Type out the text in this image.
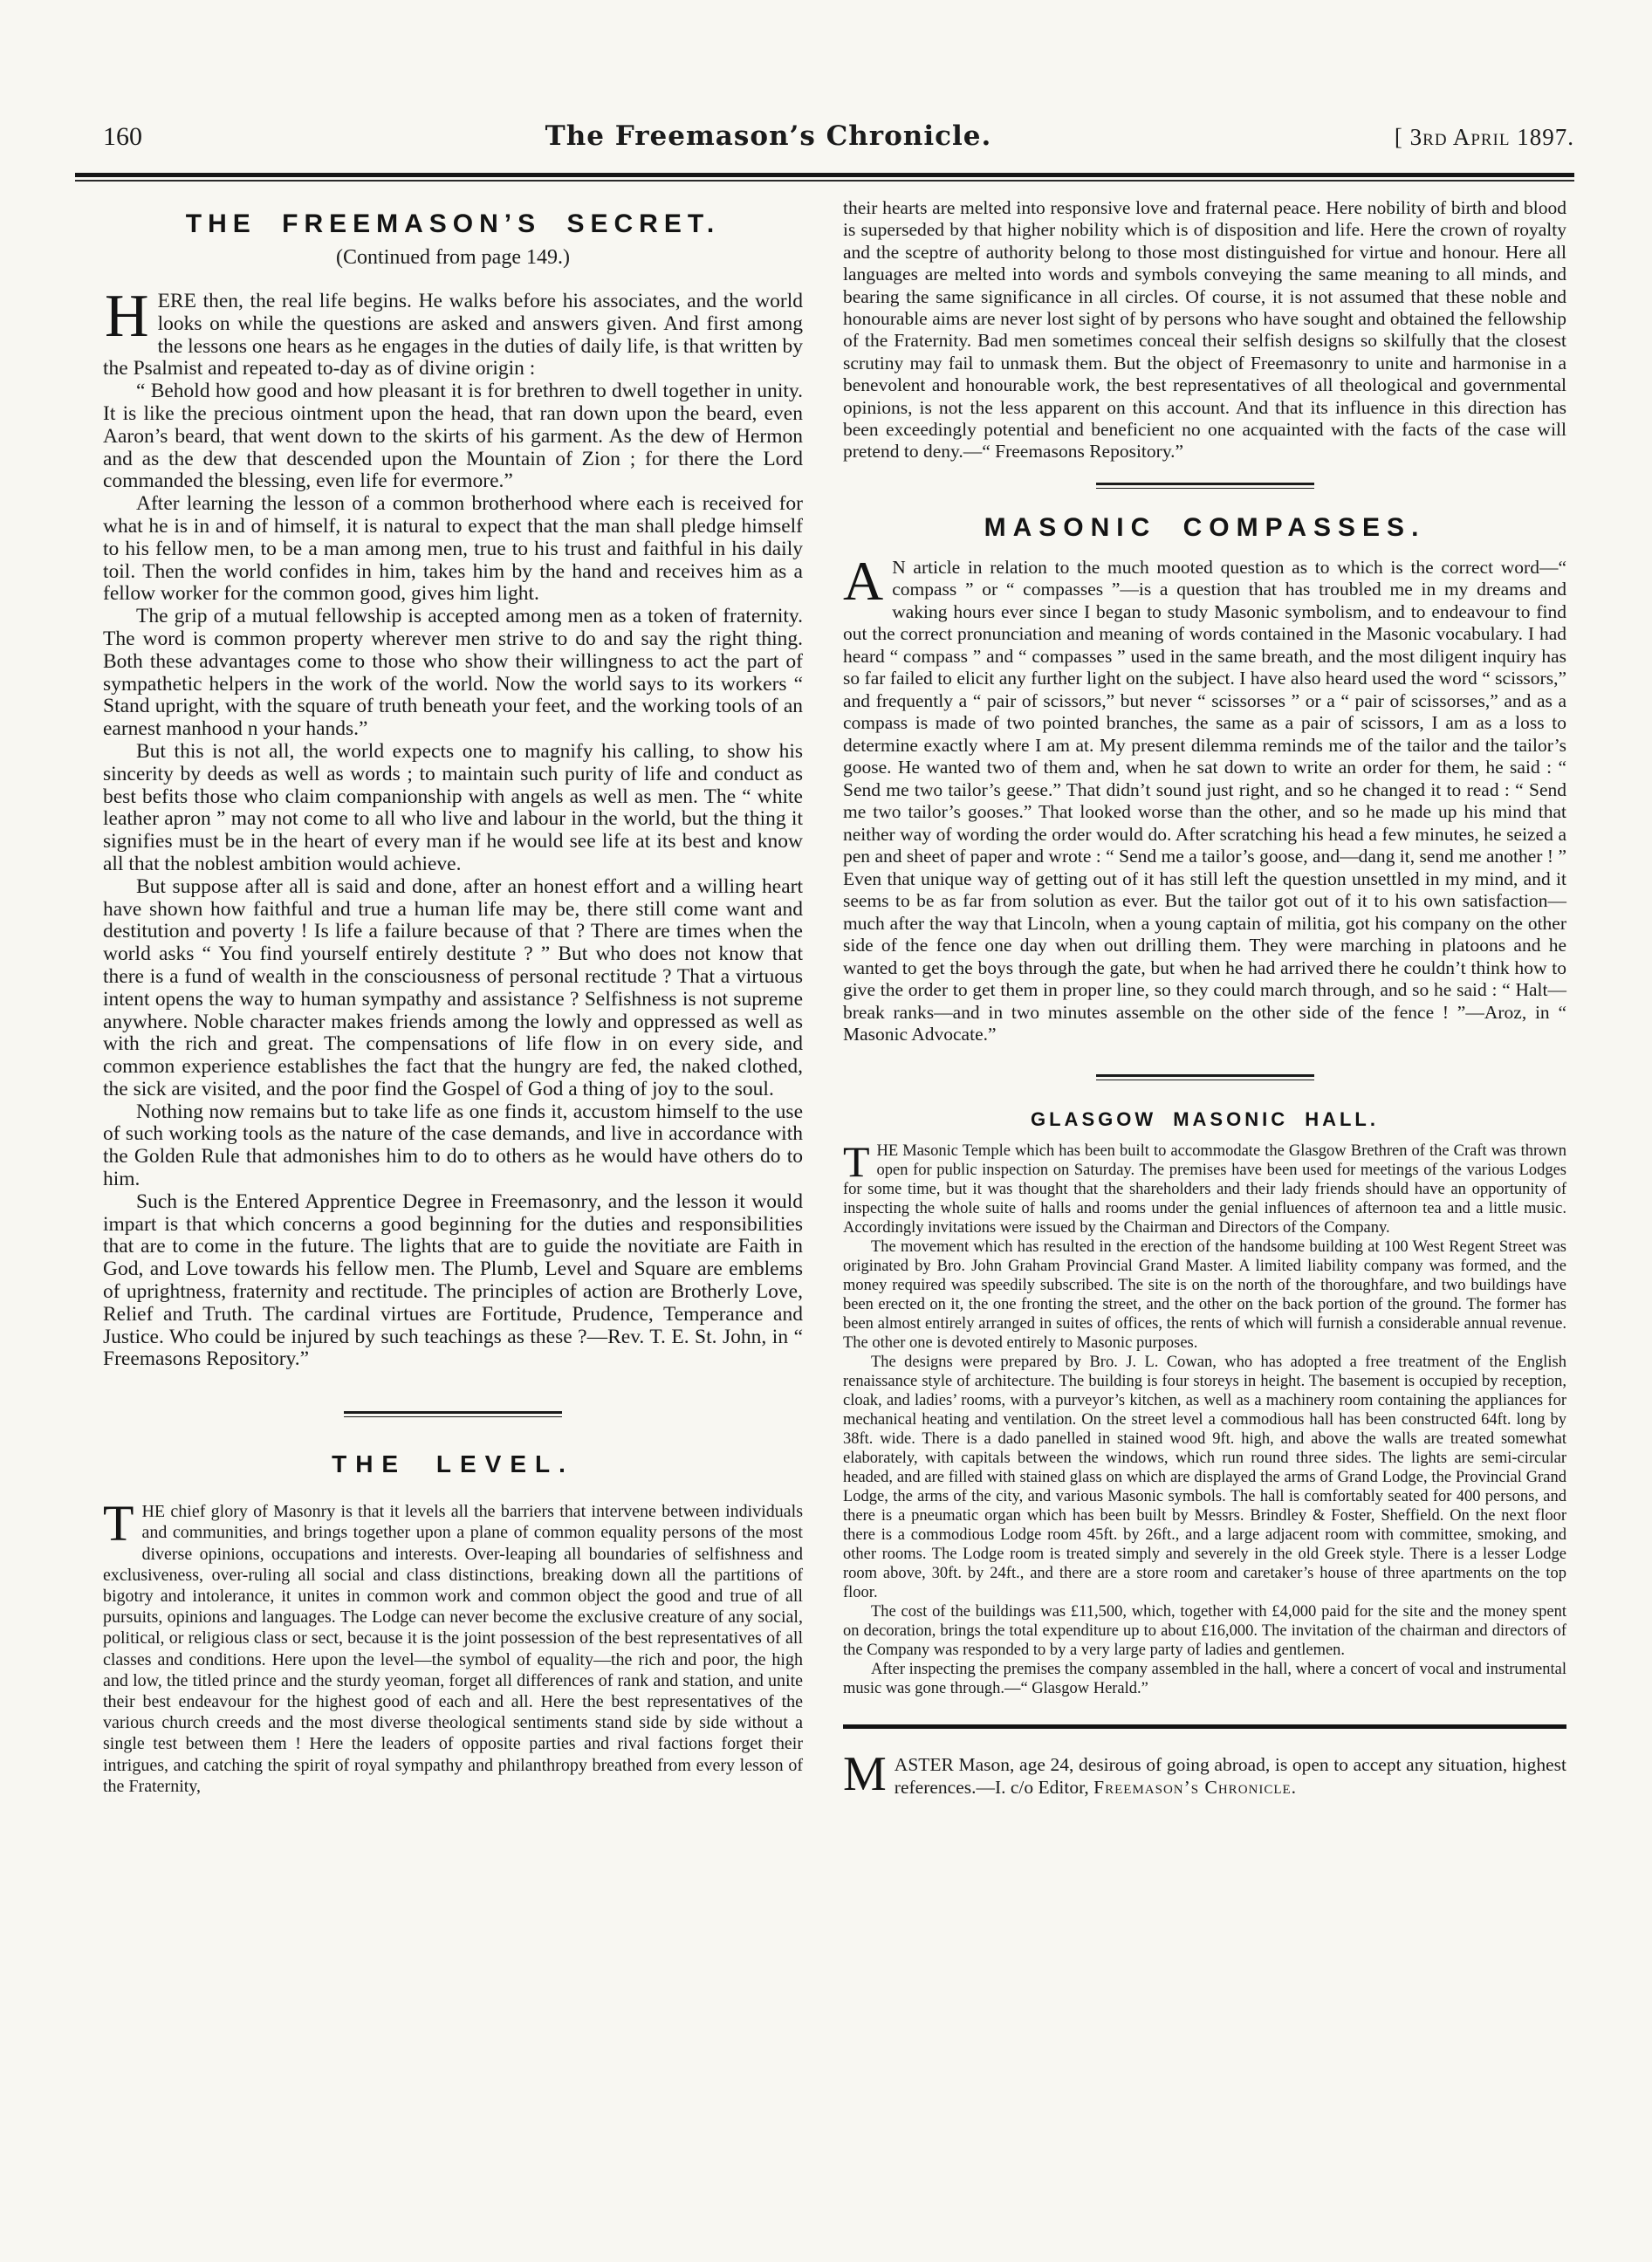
160	The Freemason’s Chronicle.	[ 3rd April 1897.
THE FREEMASON’S SECRET.
(Continued from page 149.)

HERE then, the real life begins. He walks before his associates, and the world looks on while the questions are asked and answers given. And first among the lessons one hears as he engages in the duties of daily life, is that written by the Psalmist and repeated to-day as of divine origin :

“ Behold how good and how pleasant it is for brethren to dwell together in unity. It is like the precious ointment upon the head, that ran down upon the beard, even Aaron’s beard, that went down to the skirts of his garment. As the dew of Hermon and as the dew that descended upon the Mountain of Zion ; for there the Lord commanded the blessing, even life for evermore.”

After learning the lesson of a common brotherhood where each is received for what he is in and of himself, it is natural to expect that the man shall pledge himself to his fellow men, to be a man among men, true to his trust and faithful in his daily toil. Then the world confides in him, takes him by the hand and receives him as a fellow worker for the common good, gives him light.

The grip of a mutual fellowship is accepted among men as a token of fraternity. The word is common property wherever men strive to do and say the right thing. Both these advantages come to those who show their willingness to act the part of sympathetic helpers in the work of the world. Now the world says to its workers “ Stand upright, with the square of truth beneath your feet, and the working tools of an earnest manhood n your hands.”

But this is not all, the world expects one to magnify his calling, to show his sincerity by deeds as well as words ; to maintain such purity of life and conduct as best befits those who claim companionship with angels as well as men. The “ white leather apron ” may not come to all who live and labour in the world, but the thing it signifies must be in the heart of every man if he would see life at its best and know all that the noblest ambition would achieve.

But suppose after all is said and done, after an honest effort and a willing heart have shown how faithful and true a human life may be, there still come want and destitution and poverty ! Is life a failure because of that ? There are times when the world asks “ You find yourself entirely destitute ? ” But who does not know that there is a fund of wealth in the consciousness of personal rectitude ? That a virtuous intent opens the way to human sympathy and assistance ? Selfishness is not supreme anywhere. Noble character makes friends among the lowly and oppressed as well as with the rich and great. The compensations of life flow in on every side, and common experience establishes the fact that the hungry are fed, the naked clothed, the sick are visited, and the poor find the Gospel of God a thing of joy to the soul.

Nothing now remains but to take life as one finds it, accustom himself to the use of such working tools as the nature of the case demands, and live in accordance with the Golden Rule that admonishes him to do to others as he would have others do to him.

Such is the Entered Apprentice Degree in Freemasonry, and the lesson it would impart is that which concerns a good beginning for the duties and responsibilities that are to come in the future. The lights that are to guide the novitiate are Faith in God, and Love towards his fellow men. The Plumb, Level and Square are emblems of uprightness, fraternity and rectitude. The principles of action are Brotherly Love, Relief and Truth. The cardinal virtues are Fortitude, Prudence, Temperance and Justice. Who could be injured by such teachings as these ?—Rev. T. E. St. John, in “ Freemasons Repository.”

THE LEVEL.

THE chief glory of Masonry is that it levels all the barriers that intervene between individuals and communities, and brings together upon a plane of common equality persons of the most diverse opinions, occupations and interests. Over-leaping all boundaries of selfishness and exclusiveness, over-ruling all social and class distinctions, breaking down all the partitions of bigotry and intolerance, it unites in common work and common object the good and true of all pursuits, opinions and languages. The Lodge can never become the exclusive creature of any social, political, or religious class or sect, because it is the joint possession of the best representatives of all classes and conditions. Here upon the level—the symbol of equality—the rich and poor, the high and low, the titled prince and the sturdy yeoman, forget all differences of rank and station, and unite their best endeavour for the highest good of each and all. Here the best representatives of the various church creeds and the most diverse theological sentiments stand side by side without a single test between them ! Here the leaders of opposite parties and rival factions forget their intrigues, and catching the spirit of royal sympathy and philanthropy breathed from every lesson of the Fraternity,

their hearts are melted into responsive love and fraternal peace. Here nobility of birth and blood is superseded by that higher nobility which is of disposition and life. Here the crown of royalty and the sceptre of authority belong to those most distinguished for virtue and honour. Here all languages are melted into words and symbols conveying the same meaning to all minds, and bearing the same significance in all circles. Of course, it is not assumed that these noble and honourable aims are never lost sight of by persons who have sought and obtained the fellowship of the Fraternity. Bad men sometimes conceal their selfish designs so skilfully that the closest scrutiny may fail to unmask them. But the object of Freemasonry to unite and harmonise in a benevolent and honourable work, the best representatives of all theological and governmental opinions, is not the less apparent on this account. And that its influence in this direction has been exceedingly potential and beneficient no one acquainted with the facts of the case will pretend to deny.—“ Freemasons Repository.”

MASONIC COMPASSES.

A N article in relation to the much mooted question as to which is the correct word—“ compass ” or “ compasses ”—is a question that has troubled me in my dreams and waking hours ever since I began to study Masonic symbolism, and to endeavour to find out the correct pronunciation and meaning of words contained in the Masonic vocabulary. I had heard “ compass ” and “ compasses ” used in the same breath, and the most diligent inquiry has so far failed to elicit any further light on the subject. I have also heard used the word “ scissors,” and frequently a “ pair of scissors,” but never “ scissorses ” or a “ pair of scissorses,” and as a compass is made of two pointed branches, the same as a pair of scissors, I am as a loss to determine exactly where I am at. My present dilemma reminds me of the tailor and the tailor’s goose. He wanted two of them and, when he sat down to write an order for them, he said : “ Send me two tailor’s geese.” That didn’t sound just right, and so he changed it to read : “ Send me two tailor’s gooses.” That looked worse than the other, and so he made up his mind that neither way of wording the order would do. After scratching his head a few minutes, he seized a pen and sheet of paper and wrote : “ Send me a tailor’s goose, and—dang it, send me another ! ” Even that unique way of getting out of it has still left the question unsettled in my mind, and it seems to be as far from solution as ever. But the tailor got out of it to his own satisfaction—much after the way that Lincoln, when a young captain of militia, got his company on the other side of the fence one day when out drilling them. They were marching in platoons and he wanted to get the boys through the gate, but when he had arrived there he couldn’t think how to give the order to get them in proper line, so they could march through, and so he said : “ Halt—break ranks—and in two minutes assemble on the other side of the fence ! ”—Aroz, in “ Masonic Advocate.”

GLASGOW MASONIC HALL.

THE Masonic Temple which has been built to accommodate the Glasgow Brethren of the Craft was thrown open for public inspection on Saturday. The premises have been used for meetings of the various Lodges for some time, but it was thought that the shareholders and their lady friends should have an opportunity of inspecting the whole suite of halls and rooms under the genial influences of afternoon tea and a little music. Accordingly invitations were issued by the Chairman and Directors of the Company.

The movement which has resulted in the erection of the handsome building at 100 West Regent Street was originated by Bro. John Graham Provincial Grand Master. A limited liability company was formed, and the money required was speedily subscribed. The site is on the north of the thoroughfare, and two buildings have been erected on it, the one fronting the street, and the other on the back portion of the ground. The former has been almost entirely arranged in suites of offices, the rents of which will furnish a considerable annual revenue. The other one is devoted entirely to Masonic purposes.

The designs were prepared by Bro. J. L. Cowan, who has adopted a free treatment of the English renaissance style of architecture. The building is four storeys in height. The basement is occupied by reception, cloak, and ladies’ rooms, with a purveyor’s kitchen, as well as a machinery room containing the appliances for mechanical heating and ventilation. On the street level a commodious hall has been constructed 64ft. long by 38ft. wide. There is a dado panelled in stained wood 9ft. high, and above the walls are treated somewhat elaborately, with capitals between the windows, which run round three sides. The lights are semi-circular headed, and are filled with stained glass on which are displayed the arms of Grand Lodge, the Provincial Grand Lodge, the arms of the city, and various Masonic symbols. The hall is comfortably seated for 400 persons, and there is a pneumatic organ which has been built by Messrs. Brindley & Foster, Sheffield. On the next floor there is a commodious Lodge room 45ft. by 26ft., and a large adjacent room with committee, smoking, and other rooms. The Lodge room is treated simply and severely in the old Greek style. There is a lesser Lodge room above, 30ft. by 24ft., and there are a store room and caretaker’s house of three apartments on the top floor.

The cost of the buildings was £11,500, which, together with £4,000 paid for the site and the money spent on decoration, brings the total expenditure up to about £16,000. The invitation of the chairman and directors of the Company was responded to by a very large party of ladies and gentlemen.

After inspecting the premises the company assembled in the hall, where a concert of vocal and instrumental music was gone through.—“ Glasgow Herald.”

MASTER Mason, age 24, desirous of going abroad, is open to accept any situation, highest references.—I. c/o Editor, Freemason’s Chronicle.
